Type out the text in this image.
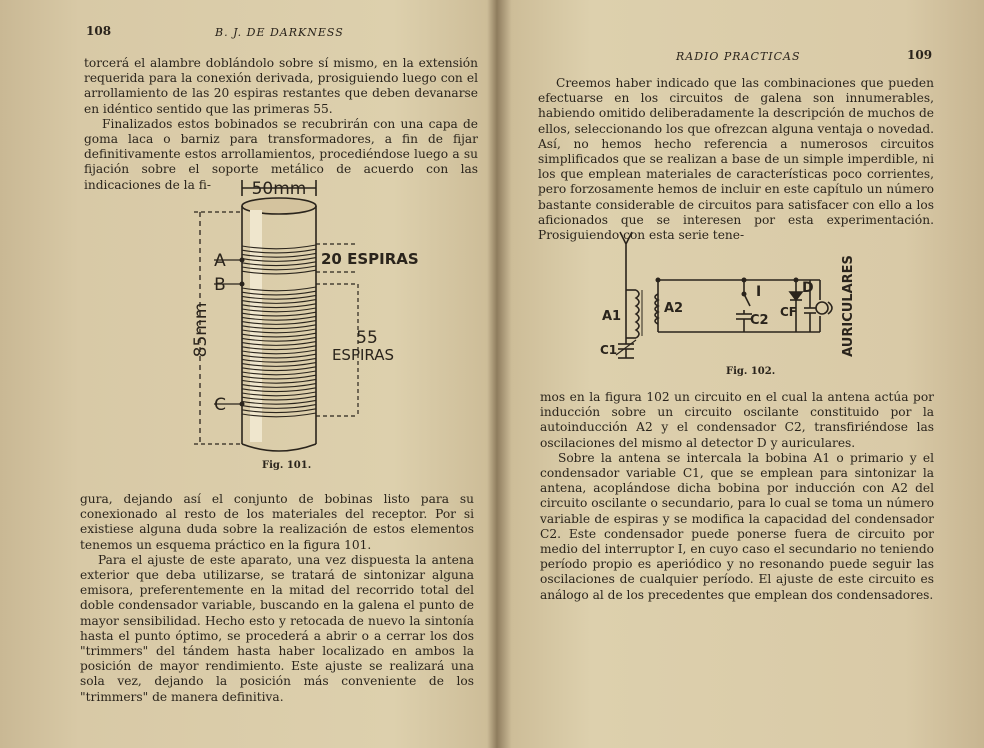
108	B. J. DE DARKNESS

torcerá el alambre doblándolo sobre sí mismo, en la extensión requerida para la conexión derivada, prosiguiendo luego con el arrollamiento de las 20 espiras restantes que deben devanarse en idéntico sentido que las primeras 55.

Finalizados estos bobinados se recubrirán con una capa de goma laca o barniz para transformadores, a fin de fijar definitivamente estos arrollamientos, procediéndose luego a su fijación sobre el soporte metálico de acuerdo con las indicaciones de la fi-	50mm
20 ESPIRAS
55
ESPIRAS
A
B
C
85mm
Fig. 101.

gura, dejando así el conjunto de bobinas listo para su conexionado al resto de los materiales del receptor. Por si existiese alguna duda sobre la realización de estos elementos tenemos un esquema práctico en la figura 101.

Para el ajuste de este aparato, una vez dispuesta la antena exterior que deba utilizarse, se tratará de sintonizar alguna emisora, preferentemente en la mitad del recorrido total del doble condensador variable, buscando en la galena el punto de mayor sensibilidad. Hecho esto y retocada de nuevo la sintonía hasta el punto óptimo, se procederá a abrir o a cerrar los dos "trimmers" del tándem hasta haber localizado en ambos la posición de mayor rendimiento. Este ajuste se realizará una sola vez, dejando la posición más conveniente de los "trimmers" de manera definitiva.

RADIO PRACTICAS	109

Creemos haber indicado que las combinaciones que pueden efectuarse en los circuitos de galena son innumerables, habiendo omitido deliberadamente la descripción de muchos de ellos, seleccionando los que ofrezcan alguna ventaja o novedad. Así, no hemos hecho referencia a numerosos circuitos simplificados que se realizan a base de un simple imperdible, ni los que emplean materiales de características poco corrientes, pero forzosamente hemos de incluir en este capítulo un número bastante considerable de circuitos para satisfacer con ello a los aficionados que se interesen por esta experimentación. Prosiguiendo con esta serie tene-

A1
A2
C1
C2
CF
I	D AURICULARES
Fig. 102.

mos en la figura 102 un circuito en el cual la antena actúa por inducción sobre un circuito oscilante constituido por la autoinducción A2 y el condensador C2, transfiriéndose las oscilaciones del mismo al detector D y auriculares.

Sobre la antena se intercala la bobina A1 o primario y el condensador variable C1, que se emplean para sintonizar la antena, acoplándose dicha bobina por inducción con A2 del circuito oscilante o secundario, para lo cual se toma un número variable de espiras y se modifica la capacidad del condensador C2. Este condensador puede ponerse fuera de circuito por medio del interruptor I, en cuyo caso el secundario no teniendo período propio es aperiódico y no resonando puede seguir las oscilaciones de cualquier período. El ajuste de este circuito es análogo al de los precedentes que emplean dos condensadores.
